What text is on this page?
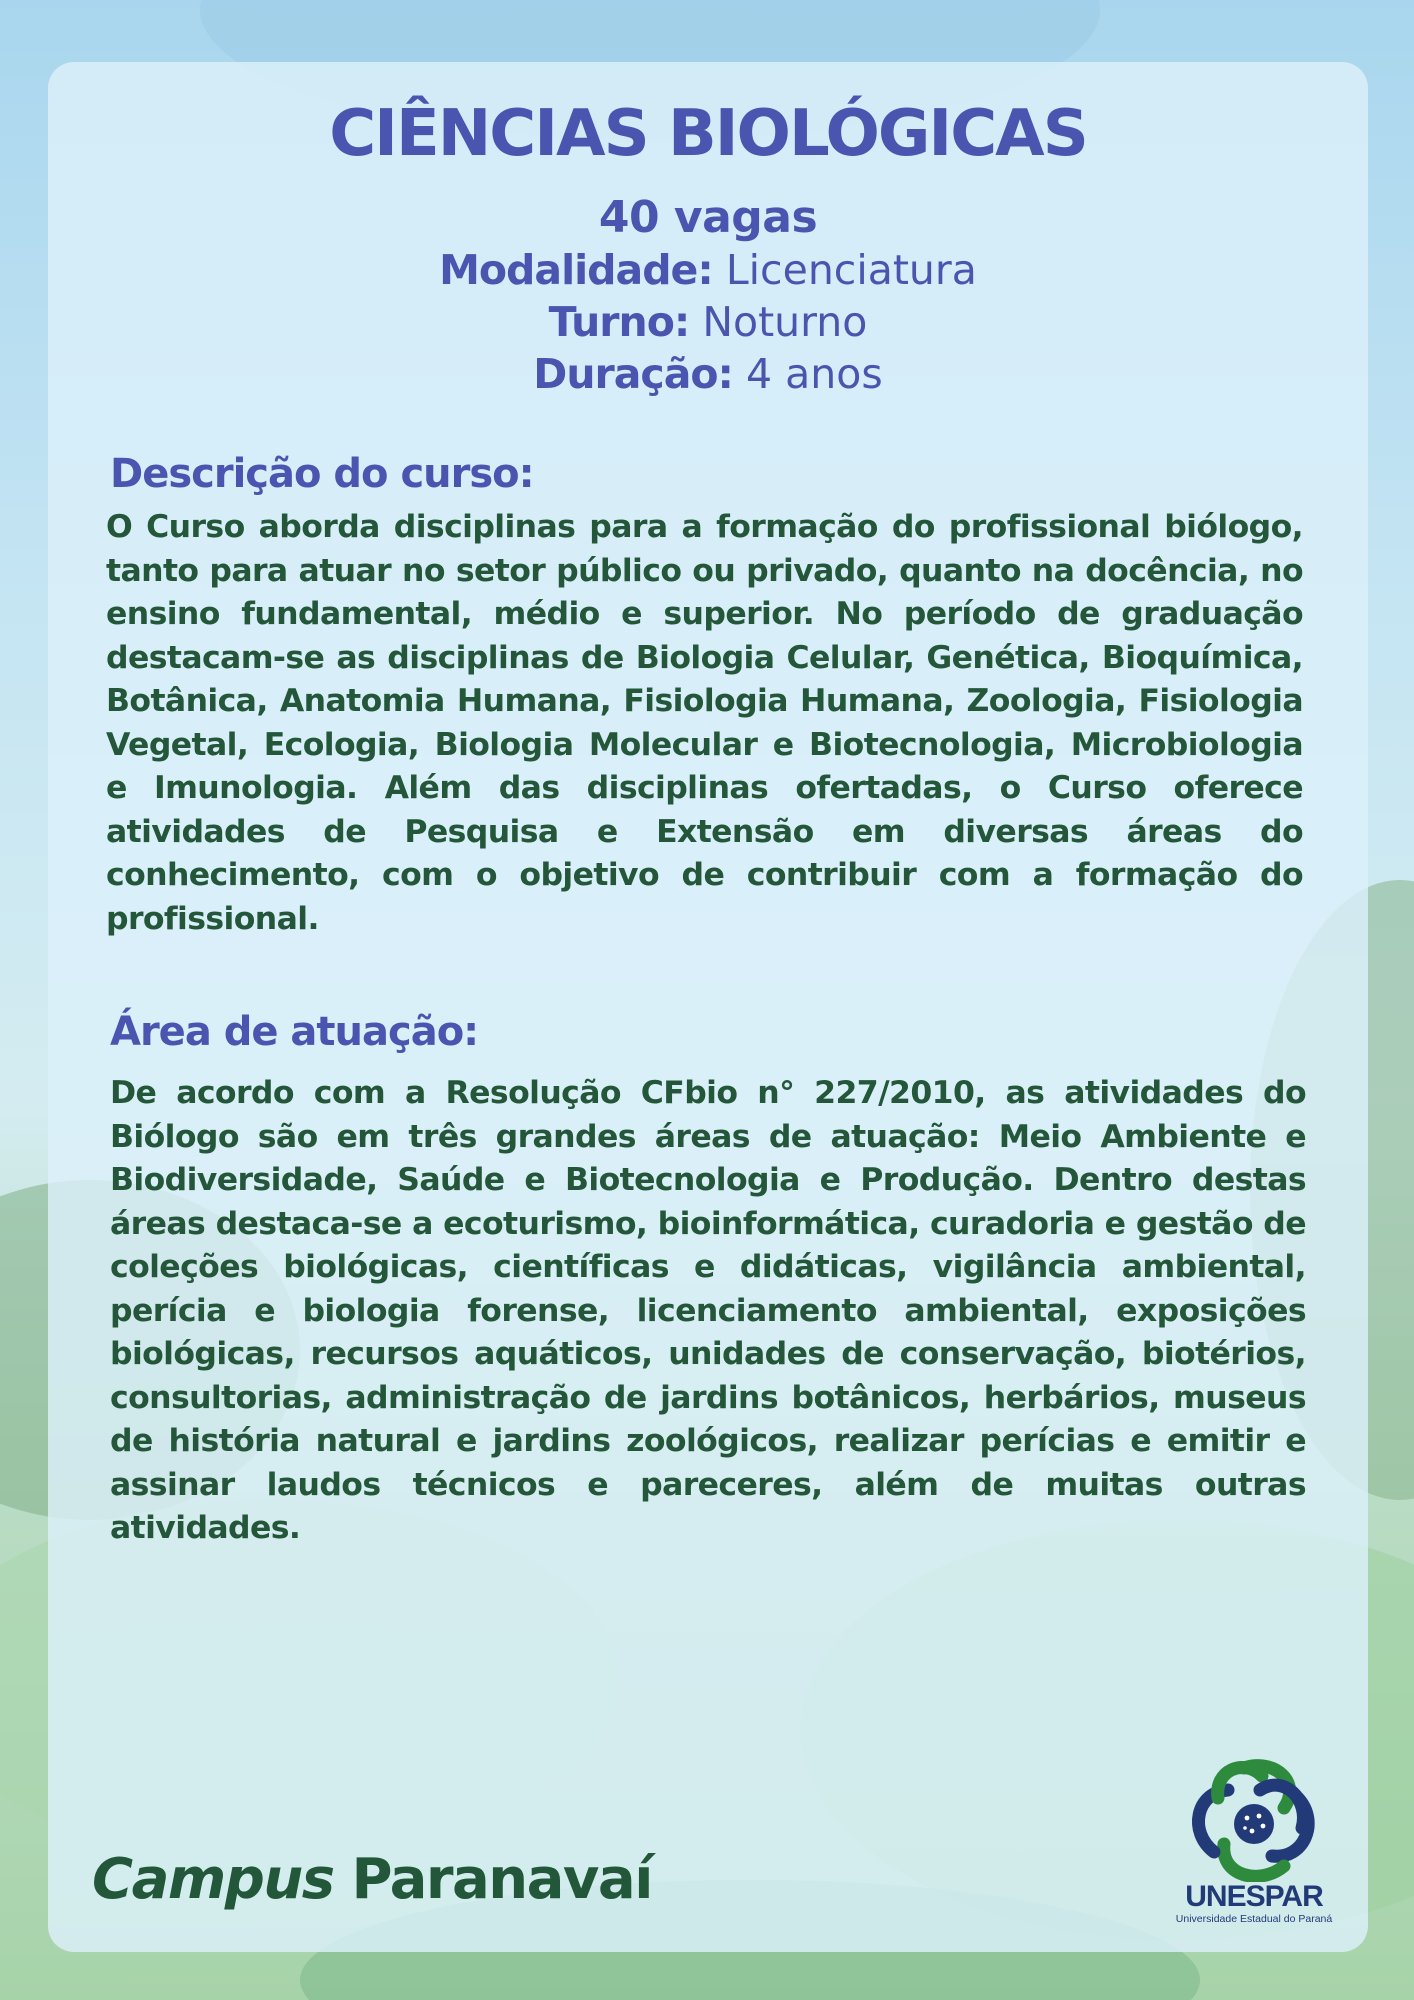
CIÊNCIAS BIOLÓGICAS
40 vagas
Modalidade: Licenciatura
Turno: Noturno
Duração: 4 anos
Descrição do curso:

O Curso aborda disciplinas para a formação do profissional biólogo, tanto para atuar no setor público ou privado, quanto na docência, no ensino fundamental, médio e superior. No período de graduação destacam-se as disciplinas de Biologia Celular, Genética, Bioquímica, Botânica, Anatomia Humana, Fisiologia Humana, Zoologia, Fisiologia Vegetal, Ecologia, Biologia Molecular e Biotecnologia, Microbiologia e Imunologia. Além das disciplinas ofertadas, o Curso oferece atividades de Pesquisa e Extensão em diversas áreas do conhecimento, com o objetivo de contribuir com a formação do profissional.

Área de atuação:

De acordo com a Resolução CFbio n° 227/2010, as atividades do Biólogo são em três grandes áreas de atuação: Meio Ambiente e Biodiversidade, Saúde e Biotecnologia e Produção. Dentro destas áreas destaca-se a ecoturismo, bioinformática, curadoria e gestão de coleções biológicas, científicas e didáticas, vigilância ambiental, perícia e biologia forense, licenciamento ambiental, exposições biológicas, recursos aquáticos, unidades de conservação, biotérios, consultorias, administração de jardins botânicos, herbários, museus de história natural e jardins zoológicos, realizar perícias e emitir e assinar laudos técnicos e pareceres, além de muitas outras atividades.

Campus Paranavaí	UNESPAR
Universidade Estadual do Paraná
